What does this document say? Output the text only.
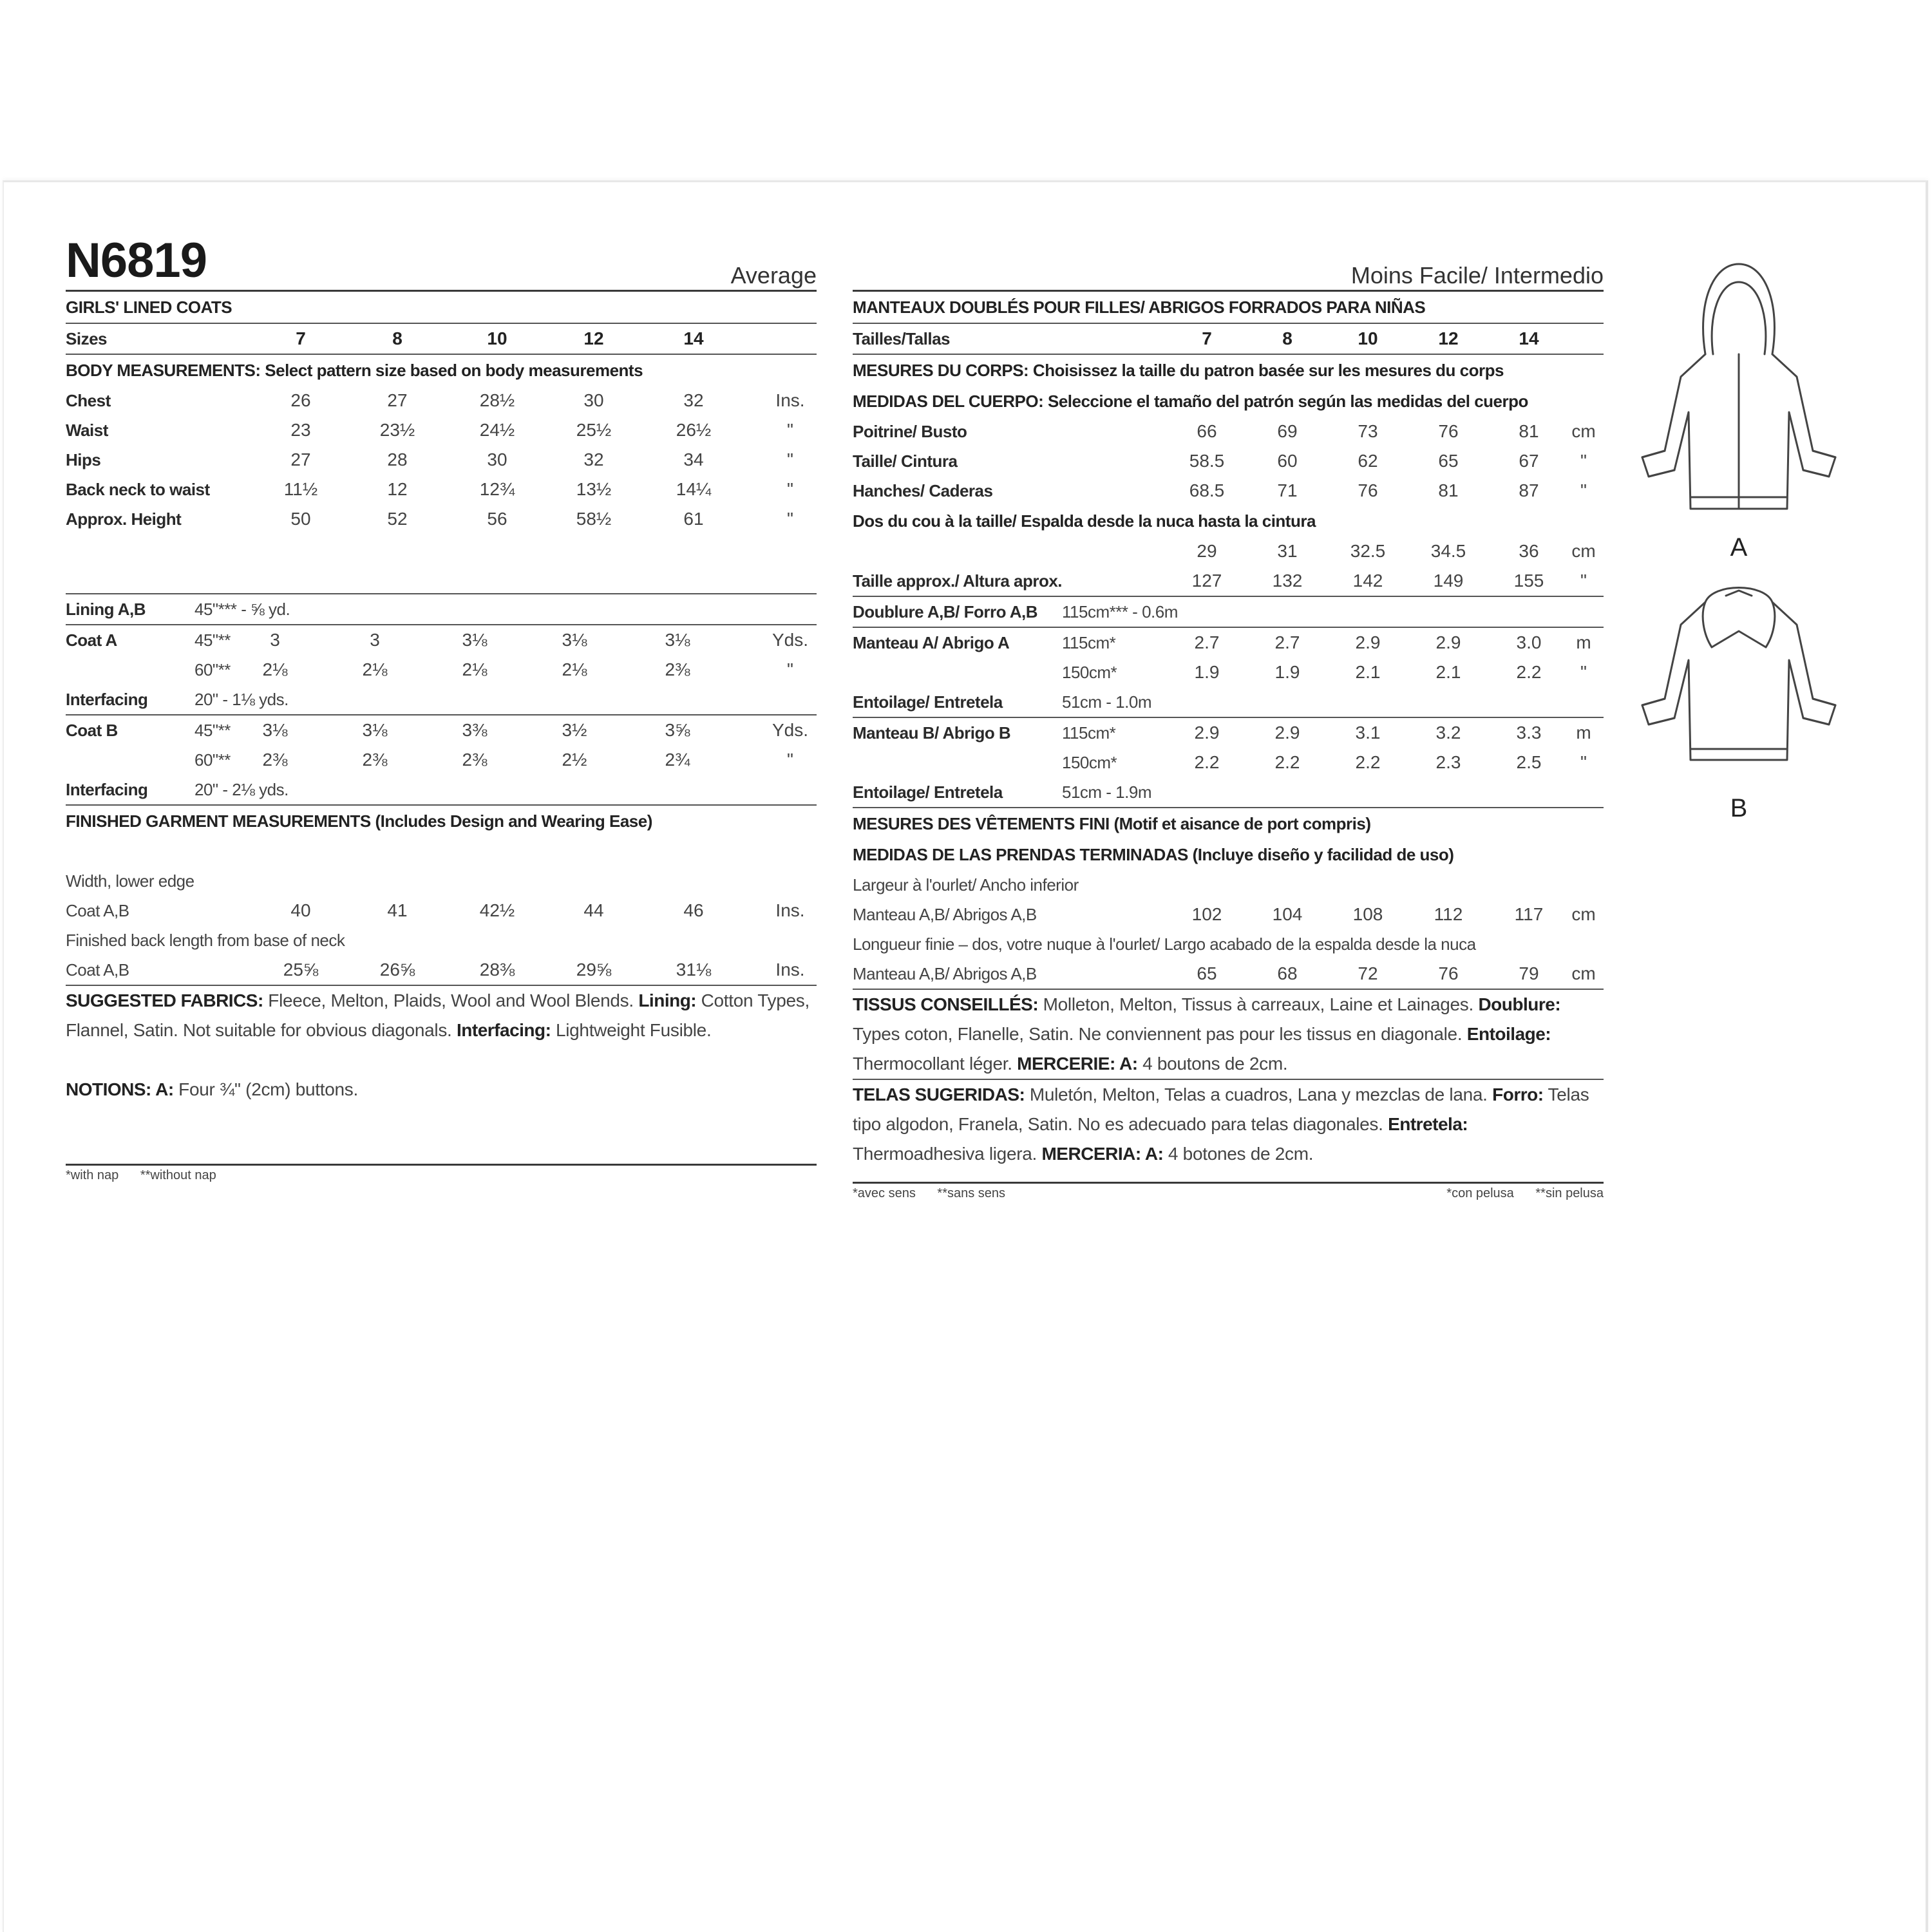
N6819	Average
GIRLS' LINED COATS
Sizes	7	8	10	12	14
BODY MEASUREMENTS: Select pattern size based on body measurements
Chest	26	27	28½	30	32	Ins.
Waist	23	23½	24½	25½	26½	"
Hips	27	28	30	32	34	"
Back neck to waist	11½	12	12¾	13½	14¼	"
Approx. Height	50	52	56	58½	61	"
Lining A,B	45"*** - ⅝ yd.
Coat A	45"**	3	3	3⅛	3⅛	3⅛	Yds.
60"**	2⅛	2⅛	2⅛	2⅛	2⅜	"
Interfacing	20" - 1⅛ yds.
Coat B	45"**	3⅛	3⅛	3⅜	3½	3⅝	Yds.
60"**	2⅜	2⅜	2⅜	2½	2¾	"
Interfacing	20" - 2⅛ yds.
FINISHED GARMENT MEASUREMENTS (Includes Design and Wearing Ease)
Width, lower edge
Coat A,B	40	41	42½	44	46	Ins.
Finished back length from base of neck
Coat A,B	25⅝	26⅝	28⅜	29⅝	31⅛	Ins.
SUGGESTED FABRICS: Fleece, Melton, Plaids, Wool and Wool Blends. Lining: Cotton Types, Flannel, Satin. Not suitable for obvious diagonals. Interfacing: Lightweight Fusible.
NOTIONS: A: Four ¾" (2cm) buttons.
*with nap **without nap
Moins Facile/ Intermedio
MANTEAUX DOUBLÉS POUR FILLES/ ABRIGOS FORRADOS PARA NIÑAS
Tailles/Tallas	7	8	10	12	14
MESURES DU CORPS: Choisissez la taille du patron basée sur les mesures du corps
MEDIDAS DEL CUERPO: Seleccione el tamaño del patrón según las medidas del cuerpo
Poitrine/ Busto	66	69	73	76	81	cm
Taille/ Cintura	58.5	60	62	65	67	"
Hanches/ Caderas	68.5	71	76	81	87	"
Dos du cou à la taille/ Espalda desde la nuca hasta la cintura
29	31	32.5	34.5	36	cm
Taille approx./ Altura aprox.	127	132	142	149	155	"
Doublure A,B/ Forro A,B 115cm*** - 0.6m
Manteau A/ Abrigo A	115cm*	2.7	2.7	2.9	2.9	3.0	m
150cm*	1.9	1.9	2.1	2.1	2.2	"
Entoilage/ Entretela	51cm - 1.0m
Manteau B/ Abrigo B	115cm*	2.9	2.9	3.1	3.2	3.3	m
150cm*	2.2	2.2	2.2	2.3	2.5	"
Entoilage/ Entretela	51cm - 1.9m
MESURES DES VÊTEMENTS FINI (Motif et aisance de port compris)
MEDIDAS DE LAS PRENDAS TERMINADAS (Incluye diseño y facilidad de uso)
Largeur à l'ourlet/ Ancho inferior
Manteau A,B/ Abrigos A,B	102	104	108	112	117	cm
Longueur finie – dos, votre nuque à l'ourlet/ Largo acabado de la espalda desde la nuca
Manteau A,B/ Abrigos A,B	65	68	72	76	79	cm
TISSUS CONSEILLÉS: Molleton, Melton, Tissus à carreaux, Laine et Lainages. Doublure: Types coton, Flanelle, Satin. Ne conviennent pas pour les tissus en diagonale. Entoilage: Thermocollant léger. MERCERIE: A: 4 boutons de 2cm.
TELAS SUGERIDAS: Muletón, Melton, Telas a cuadros, Lana y mezclas de lana. Forro: Telas tipo algodon, Franela, Satin. No es adecuado para telas diagonales. Entretela: Thermoadhesiva ligera. MERCERIA: A: 4 botones de 2cm.
*avec sens **sans sens	*con pelusa **sin pelusa
A
B
